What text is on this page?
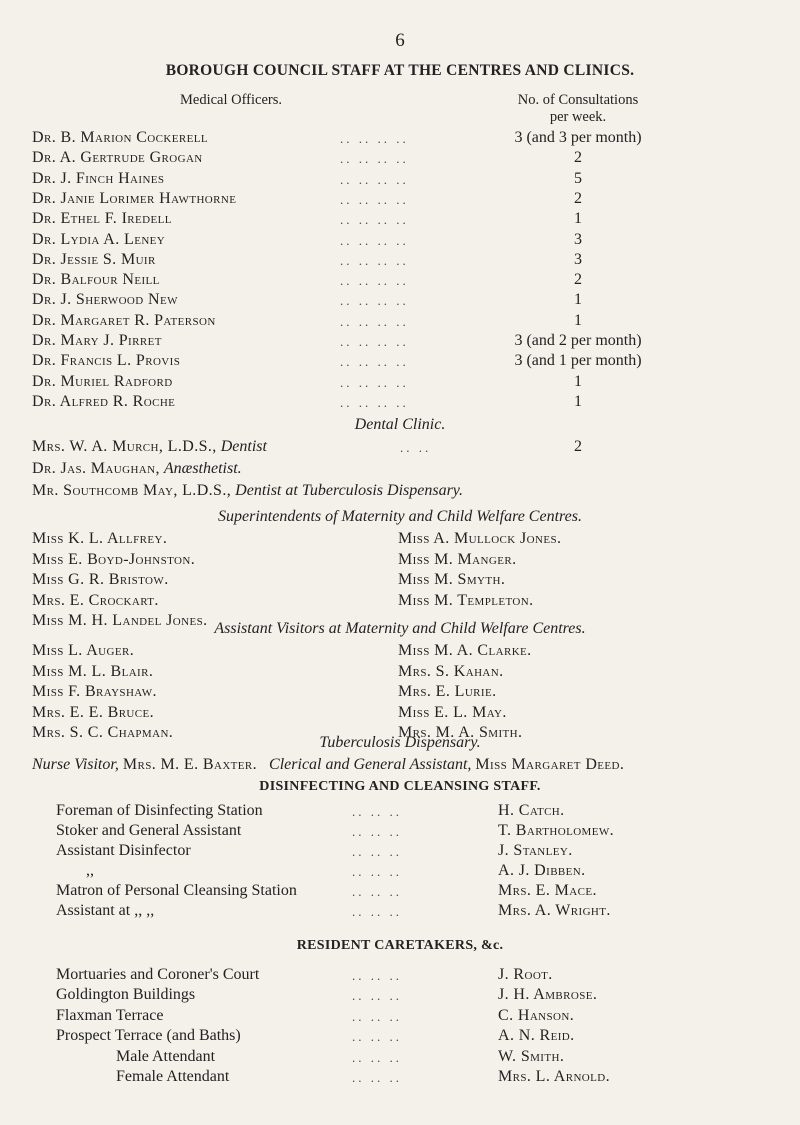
6
BOROUGH COUNCIL STAFF AT THE CENTRES AND CLINICS.
Medical Officers.	No. of Consultations
per week.
Dr. B. Marion Cockerell	.. .. .. ..	3 (and 3 per month)
Dr. A. Gertrude Grogan	.. .. .. ..	2
Dr. J. Finch Haines	.. .. .. ..	5
Dr. Janie Lorimer Hawthorne	.. .. .. ..	2
Dr. Ethel F. Iredell	.. .. .. ..	1
Dr. Lydia A. Leney	.. .. .. ..	3
Dr. Jessie S. Muir	.. .. .. ..	3
Dr. Balfour Neill	.. .. .. ..	2
Dr. J. Sherwood New	.. .. .. ..	1
Dr. Margaret R. Paterson	.. .. .. ..	1
Dr. Mary J. Pirret	.. .. .. ..	3 (and 2 per month)
Dr. Francis L. Provis	.. .. .. ..	3 (and 1 per month)
Dr. Muriel Radford	.. .. .. ..	1
Dr. Alfred R. Roche	.. .. .. ..	1
Dental Clinic.
Mrs. W. A. Murch, L.D.S., Dentist	.. ..	2
Dr. Jas. Maughan, Anæsthetist.
Mr. Southcomb May, L.D.S., Dentist at Tuberculosis Dispensary.
Superintendents of Maternity and Child Welfare Centres.
Miss K. L. Allfrey.
Miss E. Boyd-Johnston.
Miss G. R. Bristow.
Mrs. E. Crockart.
Miss M. H. Landel Jones.
Miss A. Mullock Jones.
Miss M. Manger.
Miss M. Smyth.
Miss M. Templeton.
Assistant Visitors at Maternity and Child Welfare Centres.
Miss L. Auger.
Miss M. L. Blair.
Miss F. Brayshaw.
Mrs. E. E. Bruce.
Mrs. S. C. Chapman.
Miss M. A. Clarke.
Mrs. S. Kahan.
Mrs. E. Lurie.
Miss E. L. May.
Mrs. M. A. Smith.
Tuberculosis Dispensary.
Nurse Visitor, Mrs. M. E. Baxter. Clerical and General Assistant, Miss Margaret Deed.
DISINFECTING AND CLEANSING STAFF.
Foreman of Disinfecting Station	.. .. ..	H. Catch.
Stoker and General Assistant	.. .. ..	T. Bartholomew.
Assistant Disinfector	.. .. ..	J. Stanley.
,,	.. .. ..	A. J. Dibben.
Matron of Personal Cleansing Station	.. .. ..	Mrs. E. Mace.
Assistant at ,, ,,	.. .. ..	Mrs. A. Wright.
RESIDENT CARETAKERS, &c.
Mortuaries and Coroner's Court	.. .. ..	J. Root.
Goldington Buildings	.. .. ..	J. H. Ambrose.
Flaxman Terrace	.. .. ..	C. Hanson.
Prospect Terrace (and Baths)	.. .. ..	A. N. Reid.
Male Attendant	.. .. ..	W. Smith.
Female Attendant	.. .. ..	Mrs. L. Arnold.
